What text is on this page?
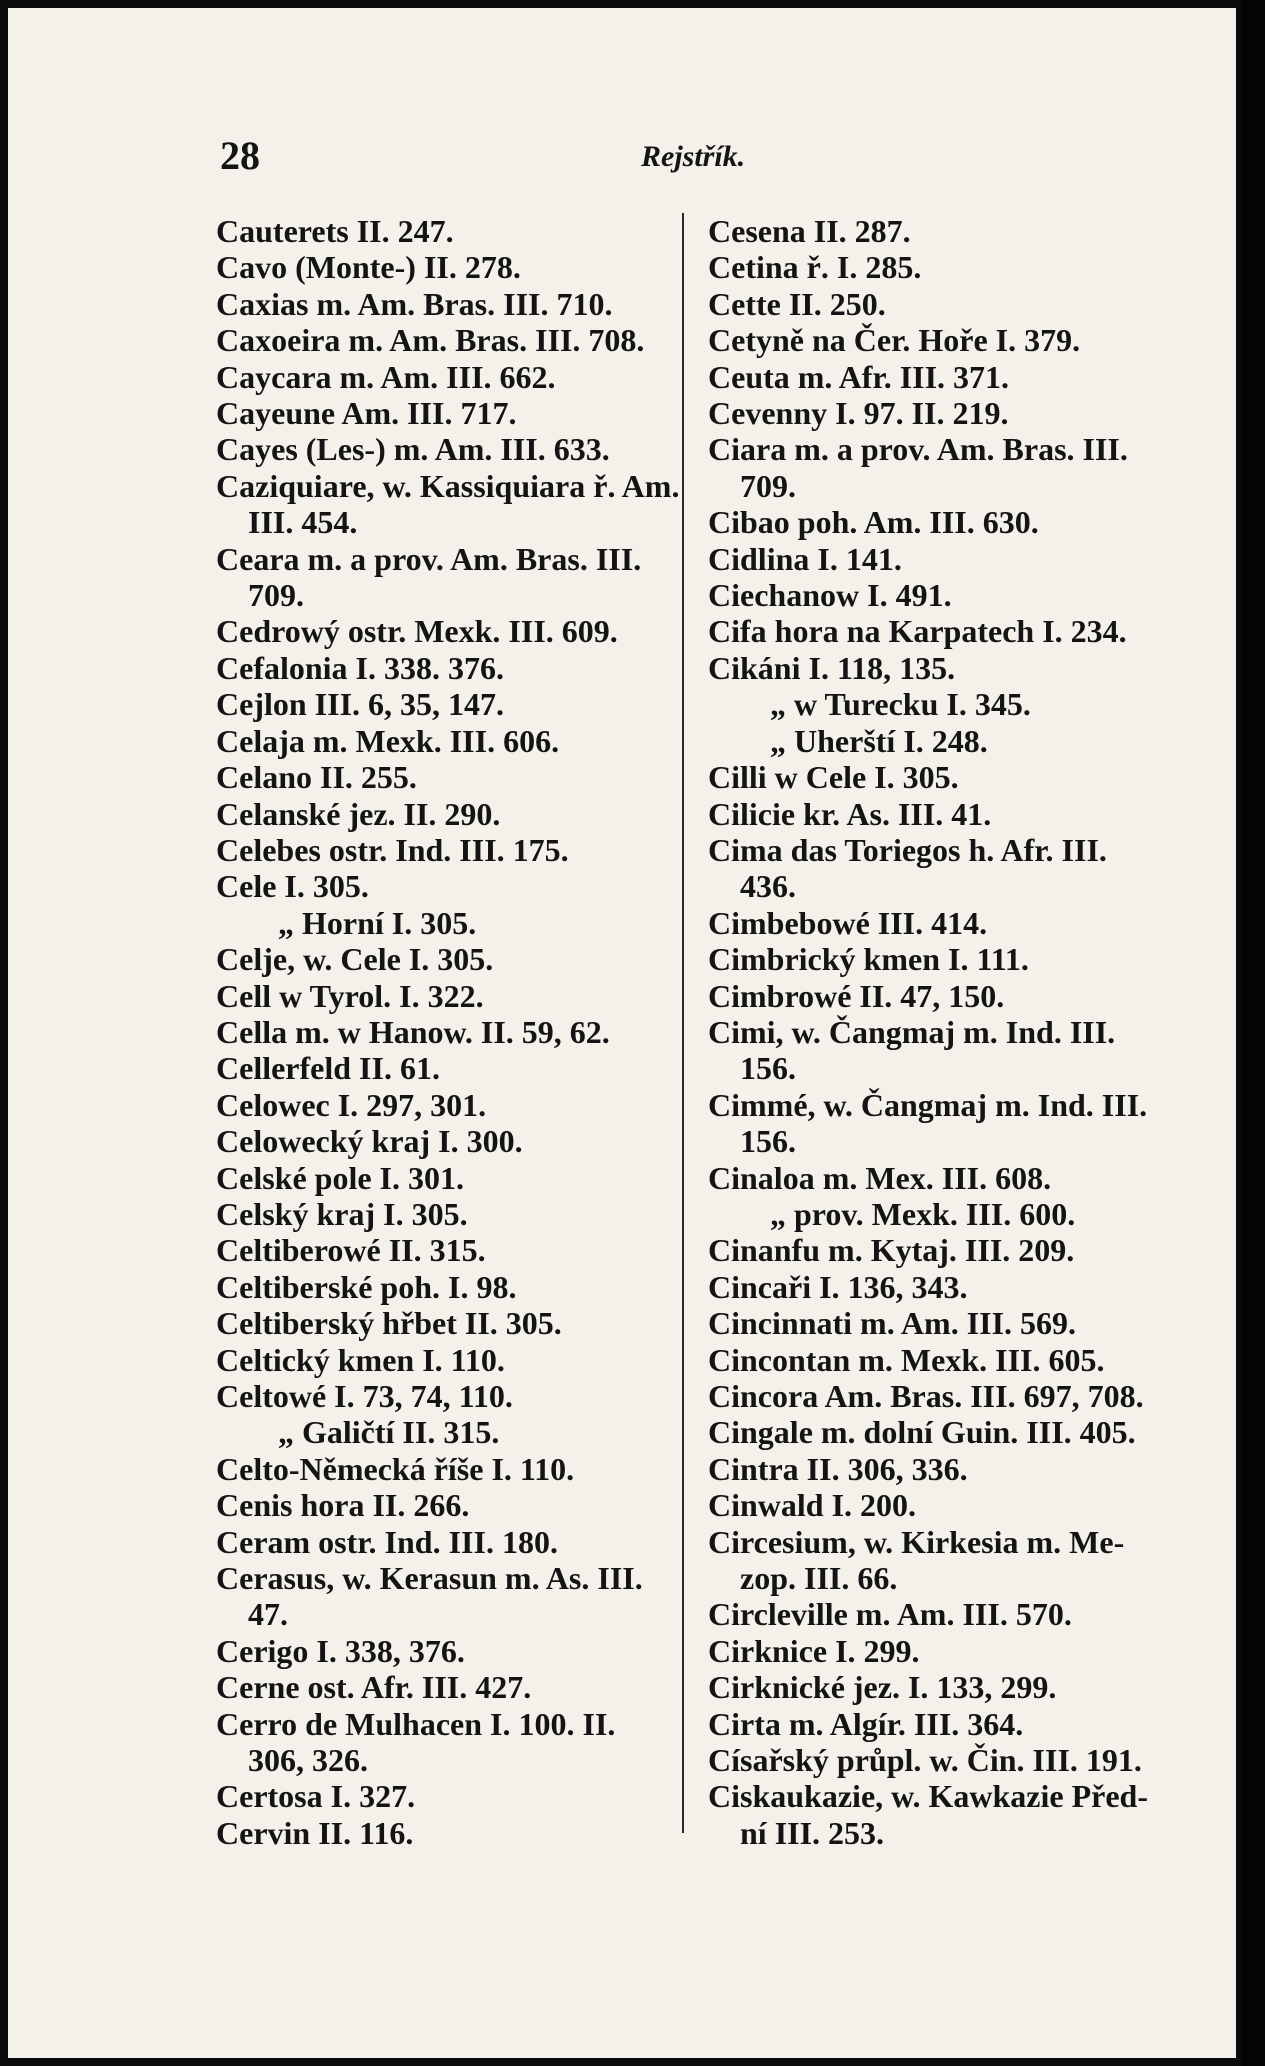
28	Rejstřík.
Cauterets II. 247.
Cavo (Monte-) II. 278.
Caxias m. Am. Bras. III. 710.
Caxoeira m. Am. Bras. III. 708.
Caycara m. Am. III. 662.
Cayeune Am. III. 717.
Cayes (Les-) m. Am. III. 633.
Caziquiare, w. Kassiquiara ř. Am.
III. 454.
Ceara m. a prov. Am. Bras. III.
709.
Cedrowý ostr. Mexk. III. 609.
Cefalonia I. 338. 376.
Cejlon III. 6, 35, 147.
Celaja m. Mexk. III. 606.
Celano II. 255.
Celanské jez. II. 290.
Celebes ostr. Ind. III. 175.
Cele I. 305.
„ Horní I. 305.
Celje, w. Cele I. 305.
Cell w Tyrol. I. 322.
Cella m. w Hanow. II. 59, 62.
Cellerfeld II. 61.
Celowec I. 297, 301.
Celowecký kraj I. 300.
Celské pole I. 301.
Celský kraj I. 305.
Celtiberowé II. 315.
Celtiberské poh. I. 98.
Celtiberský hřbet II. 305.
Celtický kmen I. 110.
Celtowé I. 73, 74, 110.
„ Galičtí II. 315.
Celto-Německá říše I. 110.
Cenis hora II. 266.
Ceram ostr. Ind. III. 180.
Cerasus, w. Kerasun m. As. III.
47.
Cerigo I. 338, 376.
Cerne ost. Afr. III. 427.
Cerro de Mulhacen I. 100. II.
306, 326.
Certosa I. 327.
Cervin II. 116.
Cesena II. 287.
Cetina ř. I. 285.
Cette II. 250.
Cetyně na Čer. Hoře I. 379.
Ceuta m. Afr. III. 371.
Cevenny I. 97. II. 219.
Ciara m. a prov. Am. Bras. III.
709.
Cibao poh. Am. III. 630.
Cidlina I. 141.
Ciechanow I. 491.
Cifa hora na Karpatech I. 234.
Cikáni I. 118, 135.
„ w Turecku I. 345.
„ Uherští I. 248.
Cilli w Cele I. 305.
Cilicie kr. As. III. 41.
Cima das Toriegos h. Afr. III.
436.
Cimbebowé III. 414.
Cimbrický kmen I. 111.
Cimbrowé II. 47, 150.
Cimi, w. Čangmaj m. Ind. III.
156.
Cimmé, w. Čangmaj m. Ind. III.
156.
Cinaloa m. Mex. III. 608.
„ prov. Mexk. III. 600.
Cinanfu m. Kytaj. III. 209.
Cincaři I. 136, 343.
Cincinnati m. Am. III. 569.
Cincontan m. Mexk. III. 605.
Cincora Am. Bras. III. 697, 708.
Cingale m. dolní Guin. III. 405.
Cintra II. 306, 336.
Cinwald I. 200.
Circesium, w. Kirkesia m. Me-
zop. III. 66.
Circleville m. Am. III. 570.
Cirknice I. 299.
Cirknické jez. I. 133, 299.
Cirta m. Algír. III. 364.
Císařský průpl. w. Čin. III. 191.
Ciskaukazie, w. Kawkazie Před-
ní III. 253.
